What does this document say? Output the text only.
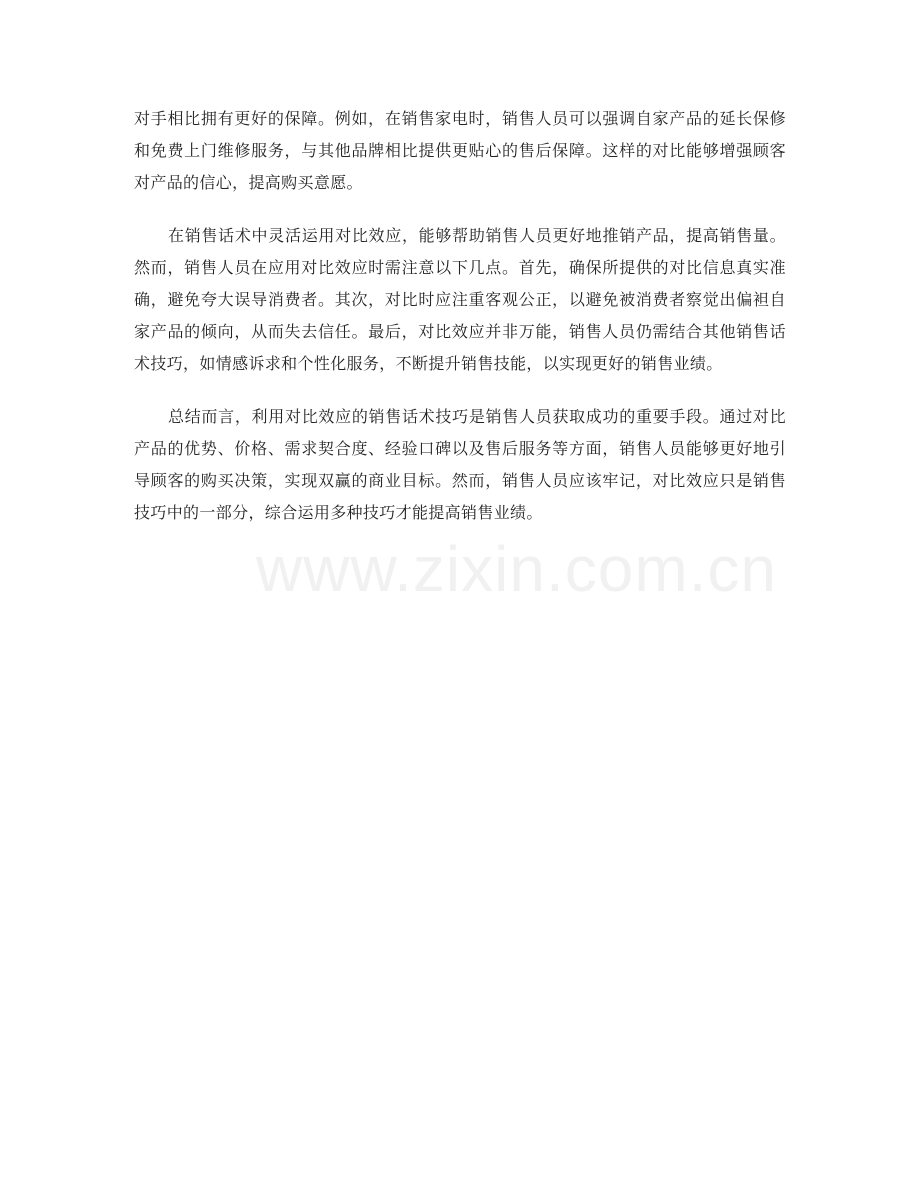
www.zixin.com.cn

对手相比拥有更好的保障。例如，在销售家电时，销售人员可以强调自家产品的延长保修和免费上门维修服务，与其他品牌相比提供更贴心的售后保障。这样的对比能够增强顾客对产品的信心，提高购买意愿。

在销售话术中灵活运用对比效应，能够帮助销售人员更好地推销产品，提高销售量。然而，销售人员在应用对比效应时需注意以下几点。首先，确保所提供的对比信息真实准确，避免夸大误导消费者。其次，对比时应注重客观公正，以避免被消费者察觉出偏袒自家产品的倾向，从而失去信任。最后，对比效应并非万能，销售人员仍需结合其他销售话术技巧，如情感诉求和个性化服务，不断提升销售技能，以实现更好的销售业绩。

总结而言，利用对比效应的销售话术技巧是销售人员获取成功的重要手段。通过对比产品的优势、价格、需求契合度、经验口碑以及售后服务等方面，销售人员能够更好地引导顾客的购买决策，实现双赢的商业目标。然而，销售人员应该牢记，对比效应只是销售技巧中的一部分，综合运用多种技巧才能提高销售业绩。
